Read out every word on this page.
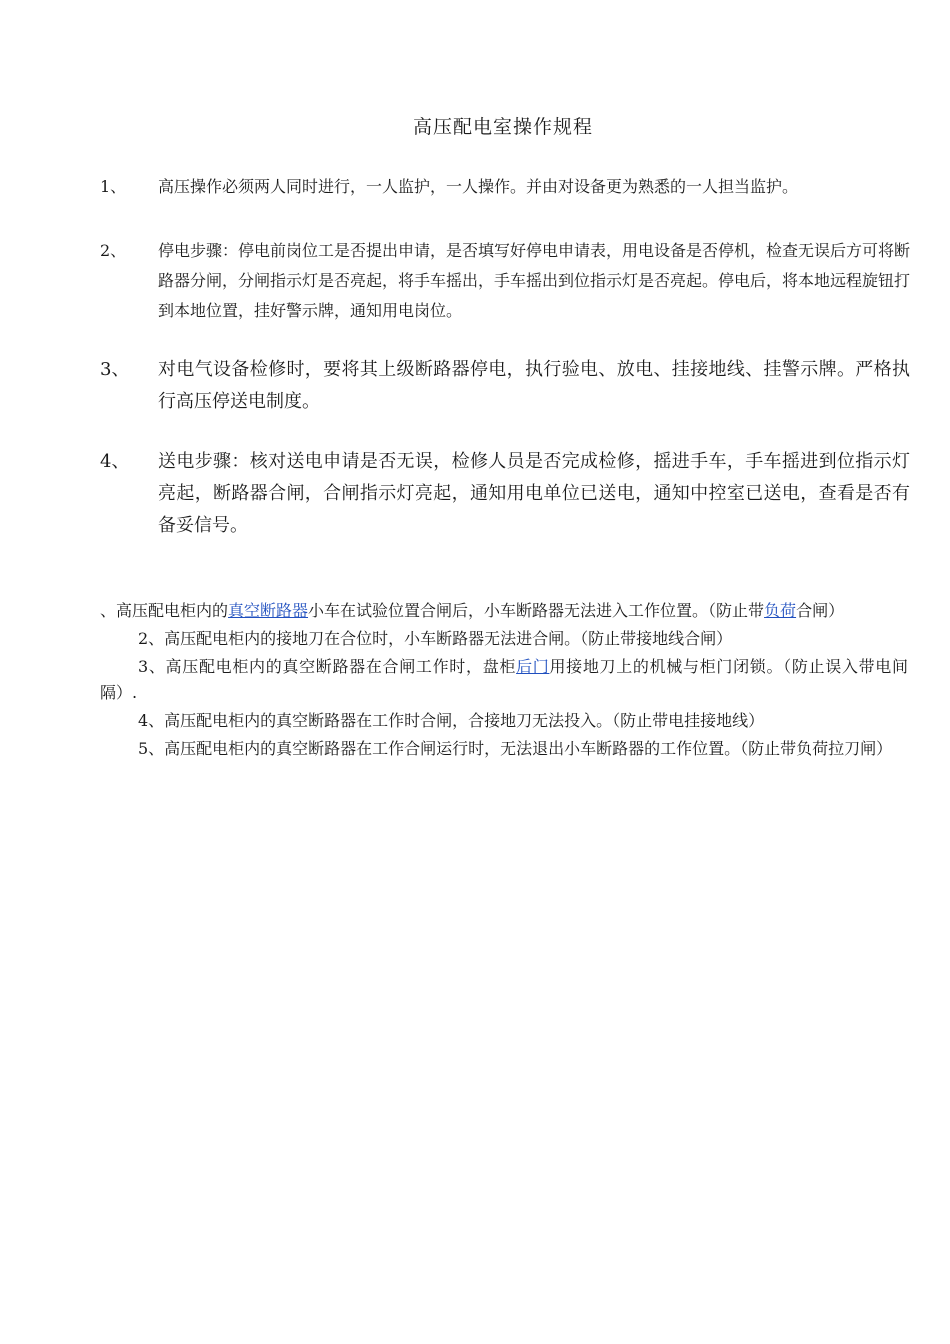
高压配电室操作规程
1、	高压操作必须两人同时进行，一人监护，一人操作。并由对设备更为熟悉的一人担当监护。
2、	停电步骤：停电前岗位工是否提出申请，是否填写好停电申请表，用电设备是否停机，检查无误后方可将断路器分闸，分闸指示灯是否亮起，将手车摇出，手车摇出到位指示灯是否亮起。停电后，将本地远程旋钮打到本地位置，挂好警示牌，通知用电岗位。
3、	对电气设备检修时，要将其上级断路器停电，执行验电、放电、挂接地线、挂警示牌。严格执行高压停送电制度。
4、	送电步骤：核对送电申请是否无误，检修人员是否完成检修，摇进手车，手车摇进到位指示灯亮起，断路器合闸，合闸指示灯亮起，通知用电单位已送电，通知中控室已送电，查看是否有备妥信号。

、高压配电柜内的真空断路器小车在试验位置合闸后，小车断路器无法进入工作位置。（防止带负荷合闸）

2、高压配电柜内的接地刀在合位时，小车断路器无法进合闸。（防止带接地线合闸）

3、高压配电柜内的真空断路器在合闸工作时，盘柜后门用接地刀上的机械与柜门闭锁。（防止误入带电间隔）.

4、高压配电柜内的真空断路器在工作时合闸，合接地刀无法投入。（防止带电挂接地线）

5、高压配电柜内的真空断路器在工作合闸运行时，无法退出小车断路器的工作位置。（防止带负荷拉刀闸）
